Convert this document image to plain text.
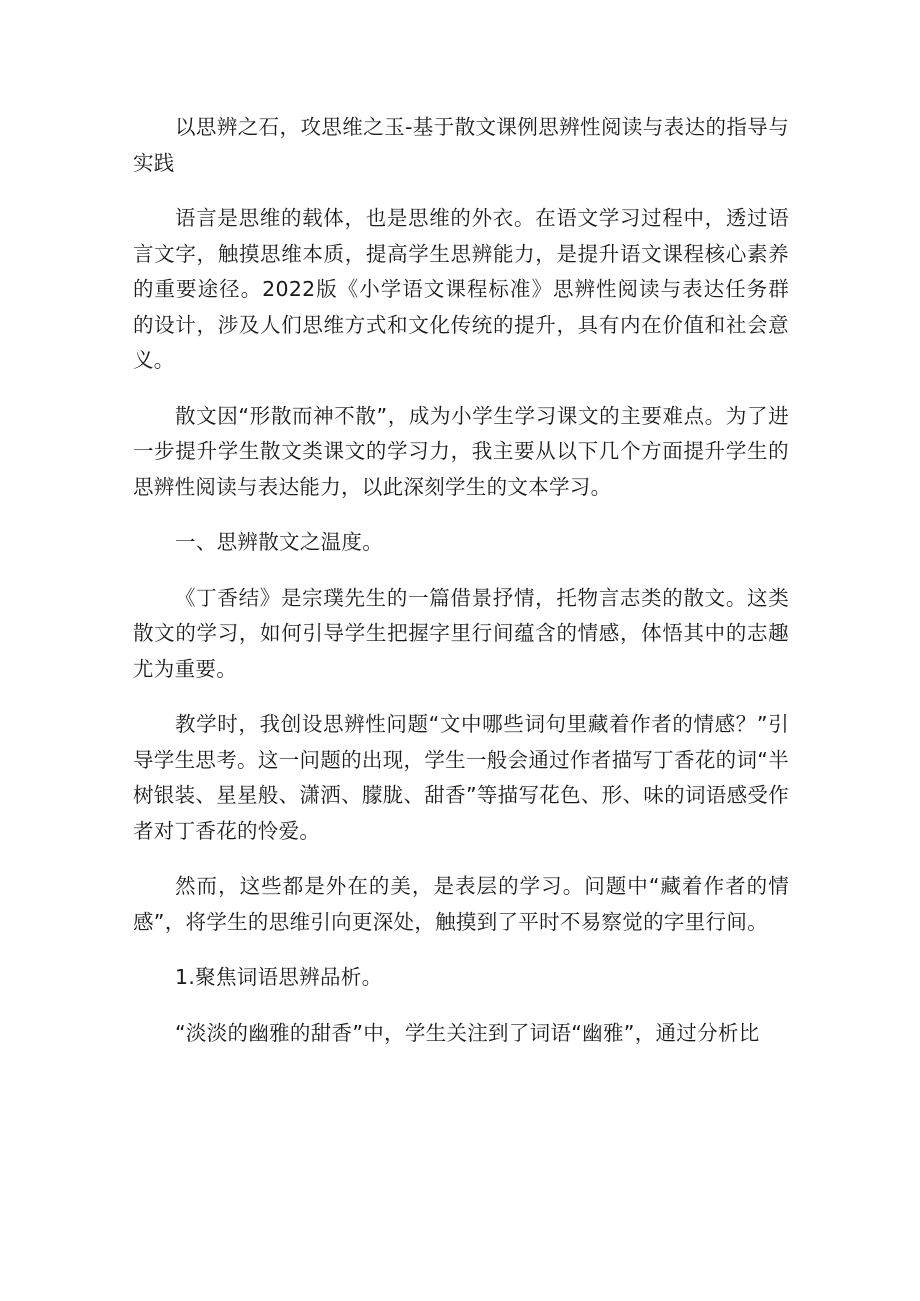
以思辨之石，攻思维之玉-基于散文课例思辨性阅读与表达的指导与实践

语言是思维的载体，也是思维的外衣。在语文学习过程中，透过语言文字，触摸思维本质，提高学生思辨能力，是提升语文课程核心素养的重要途径。2022版《小学语文课程标准》思辨性阅读与表达任务群的设计，涉及人们思维方式和文化传统的提升，具有内在价值和社会意义。

散文因“形散而神不散”，成为小学生学习课文的主要难点。为了进一步提升学生散文类课文的学习力，我主要从以下几个方面提升学生的思辨性阅读与表达能力，以此深刻学生的文本学习。

一、思辨散文之温度。

《丁香结》是宗璞先生的一篇借景抒情，托物言志类的散文。这类散文的学习，如何引导学生把握字里行间蕴含的情感，体悟其中的志趣尤为重要。

教学时，我创设思辨性问题“文中哪些词句里藏着作者的情感？”引导学生思考。这一问题的出现，学生一般会通过作者描写丁香花的词“半树银装、星星般、潇洒、朦胧、甜香”等描写花色、形、味的词语感受作者对丁香花的怜爱。

然而，这些都是外在的美，是表层的学习。问题中“藏着作者的情感”，将学生的思维引向更深处，触摸到了平时不易察觉的字里行间。

1.聚焦词语思辨品析。

“淡淡的幽雅的甜香”中，学生关注到了词语“幽雅”，通过分析比
